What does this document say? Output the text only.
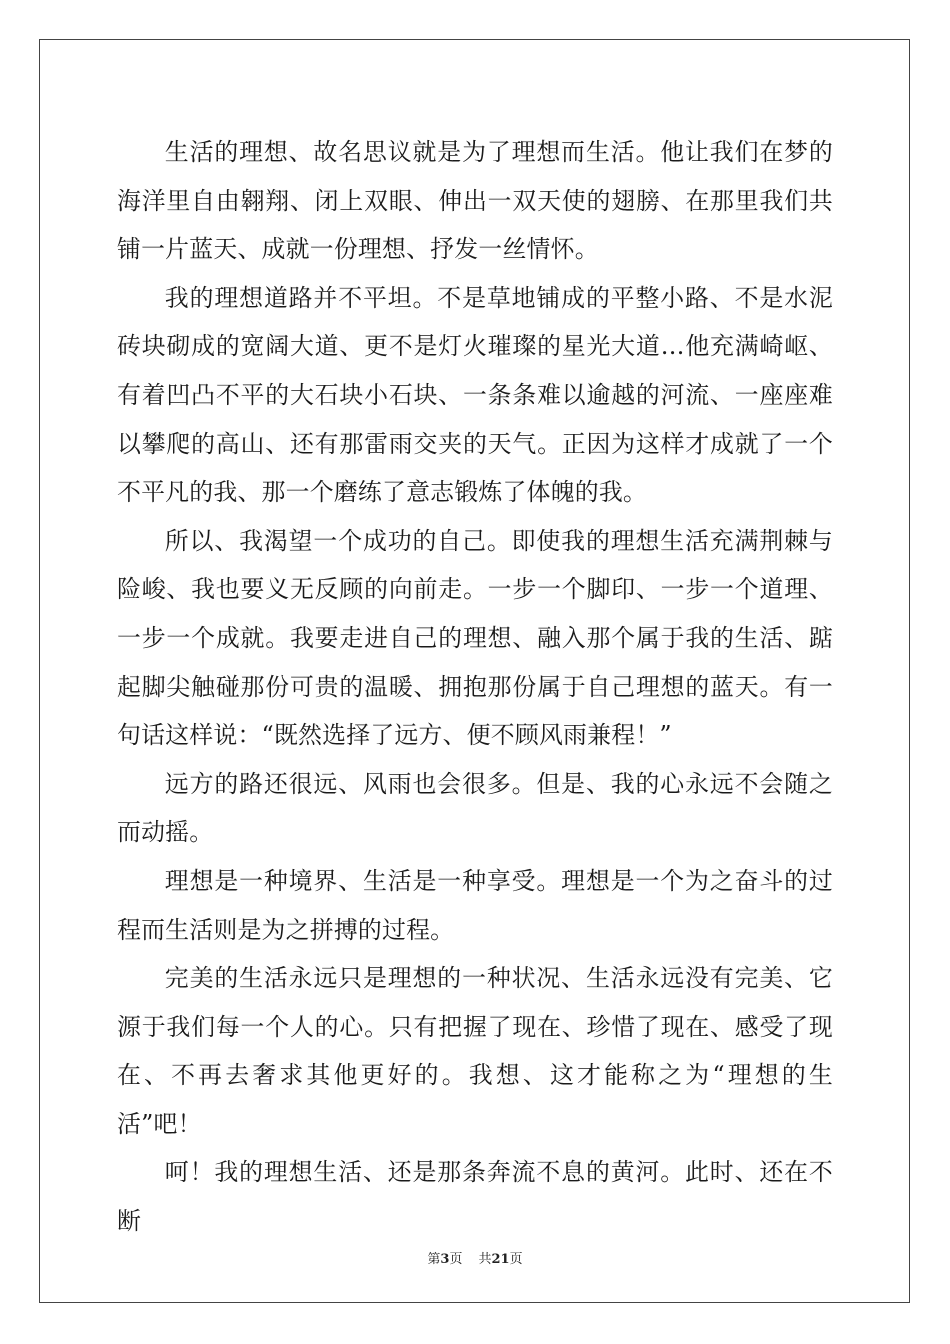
生活的理想、故名思议就是为了理想而生活。他让我们在梦的海洋里自由翱翔、闭上双眼、伸出一双天使的翅膀、在那里我们共铺一片蓝天、成就一份理想、抒发一丝情怀。

我的理想道路并不平坦。不是草地铺成的平整小路、不是水泥砖块砌成的宽阔大道、更不是灯火璀璨的星光大道…他充满崎岖、有着凹凸不平的大石块小石块、一条条难以逾越的河流、一座座难以攀爬的高山、还有那雷雨交夹的天气。正因为这样才成就了一个不平凡的我、那一个磨练了意志锻炼了体魄的我。

所以、我渴望一个成功的自己。即使我的理想生活充满荆棘与险峻、我也要义无反顾的向前走。一步一个脚印、一步一个道理、一步一个成就。我要走进自己的理想、融入那个属于我的生活、踮起脚尖触碰那份可贵的温暖、拥抱那份属于自己理想的蓝天。有一句话这样说：“既然选择了远方、便不顾风雨兼程！”

远方的路还很远、风雨也会很多。但是、我的心永远不会随之而动摇。

理想是一种境界、生活是一种享受。理想是一个为之奋斗的过程而生活则是为之拼搏的过程。

完美的生活永远只是理想的一种状况、生活永远没有完美、它源于我们每一个人的心。只有把握了现在、珍惜了现在、感受了现在、不再去奢求其他更好的。我想、这才能称之为“理想的生活”吧！

呵！我的理想生活、还是那条奔流不息的黄河。此时、还在不断

第3页 共21页
